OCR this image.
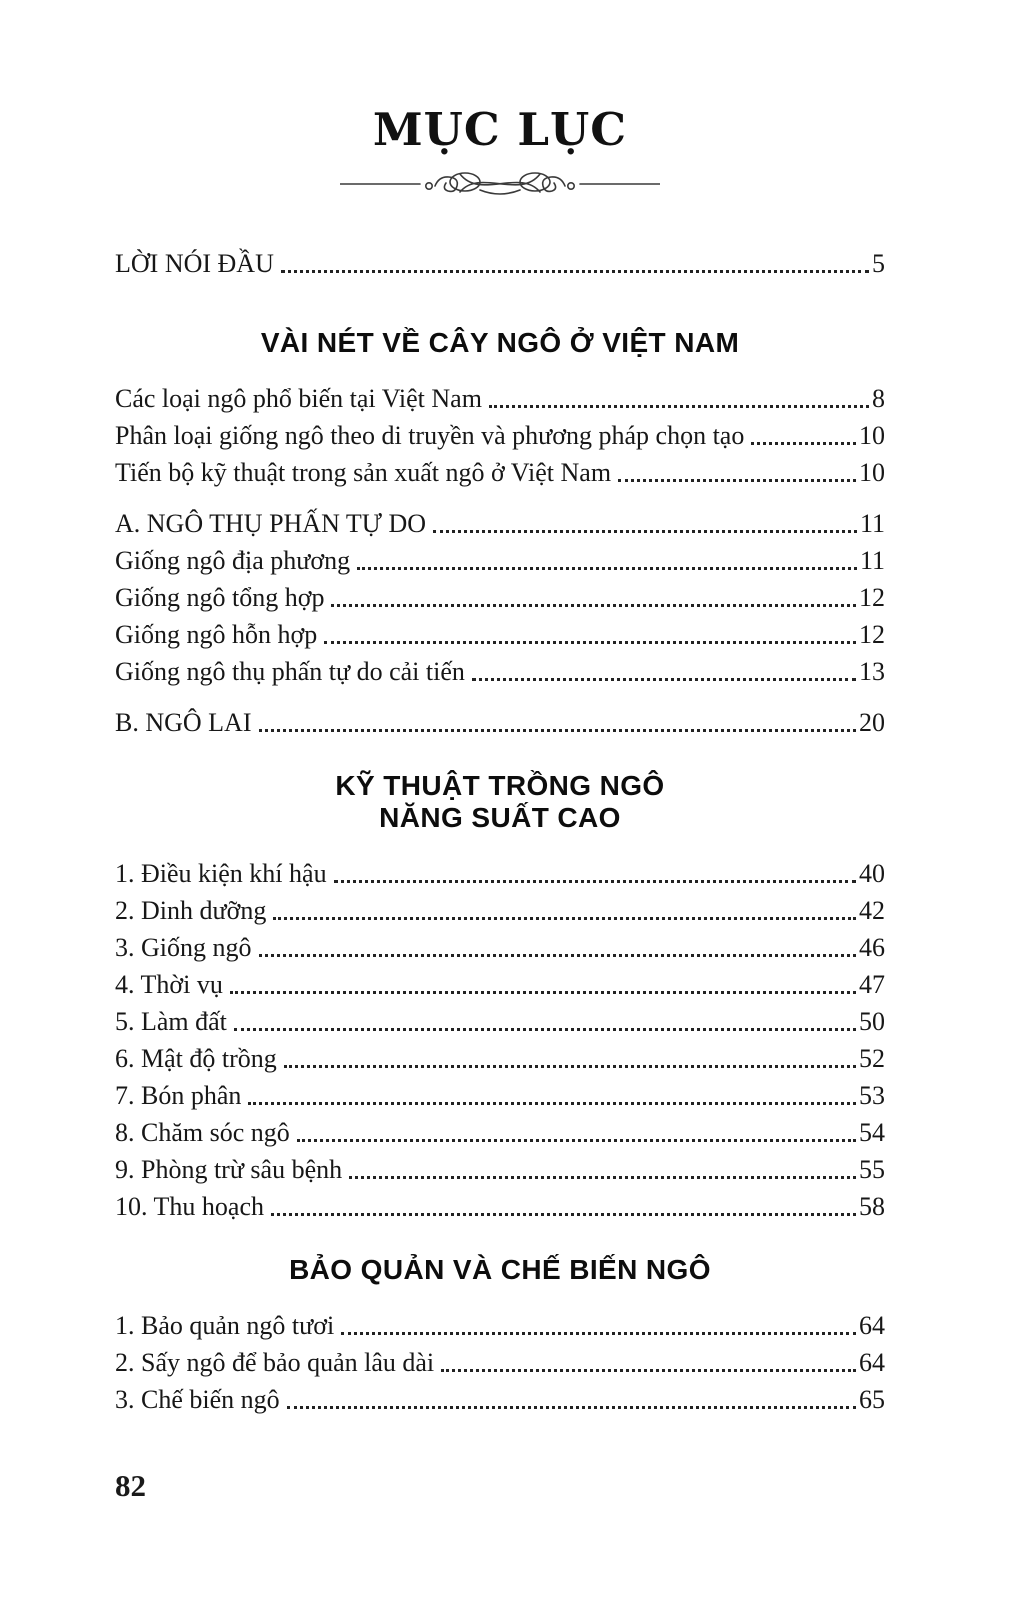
MỤC LỤC
LỜI NÓI ĐẦU	5
VÀI NÉT VỀ CÂY NGÔ Ở VIỆT NAM
Các loại ngô phổ biến tại Việt Nam	8
Phân loại giống ngô theo di truyền và phương pháp chọn tạo	10
Tiến bộ kỹ thuật trong sản xuất ngô ở Việt Nam	10
A. NGÔ THỤ PHẤN TỰ DO	11
Giống ngô địa phương	11
Giống ngô tổng hợp	12
Giống ngô hỗn hợp	12
Giống ngô thụ phấn tự do cải tiến	13
B. NGÔ LAI	20
KỸ THUẬT TRỒNG NGÔ
NĂNG SUẤT CAO
1. Điều kiện khí hậu	40
2. Dinh dưỡng	42
3. Giống ngô	46
4. Thời vụ	47
5. Làm đất	50
6. Mật độ trồng	52
7. Bón phân	53
8. Chăm sóc ngô	54
9. Phòng trừ sâu bệnh	55
10. Thu hoạch	58
BẢO QUẢN VÀ CHẾ BIẾN NGÔ
1. Bảo quản ngô tươi	64
2. Sấy ngô để bảo quản lâu dài	64
3. Chế biến ngô	65
82
